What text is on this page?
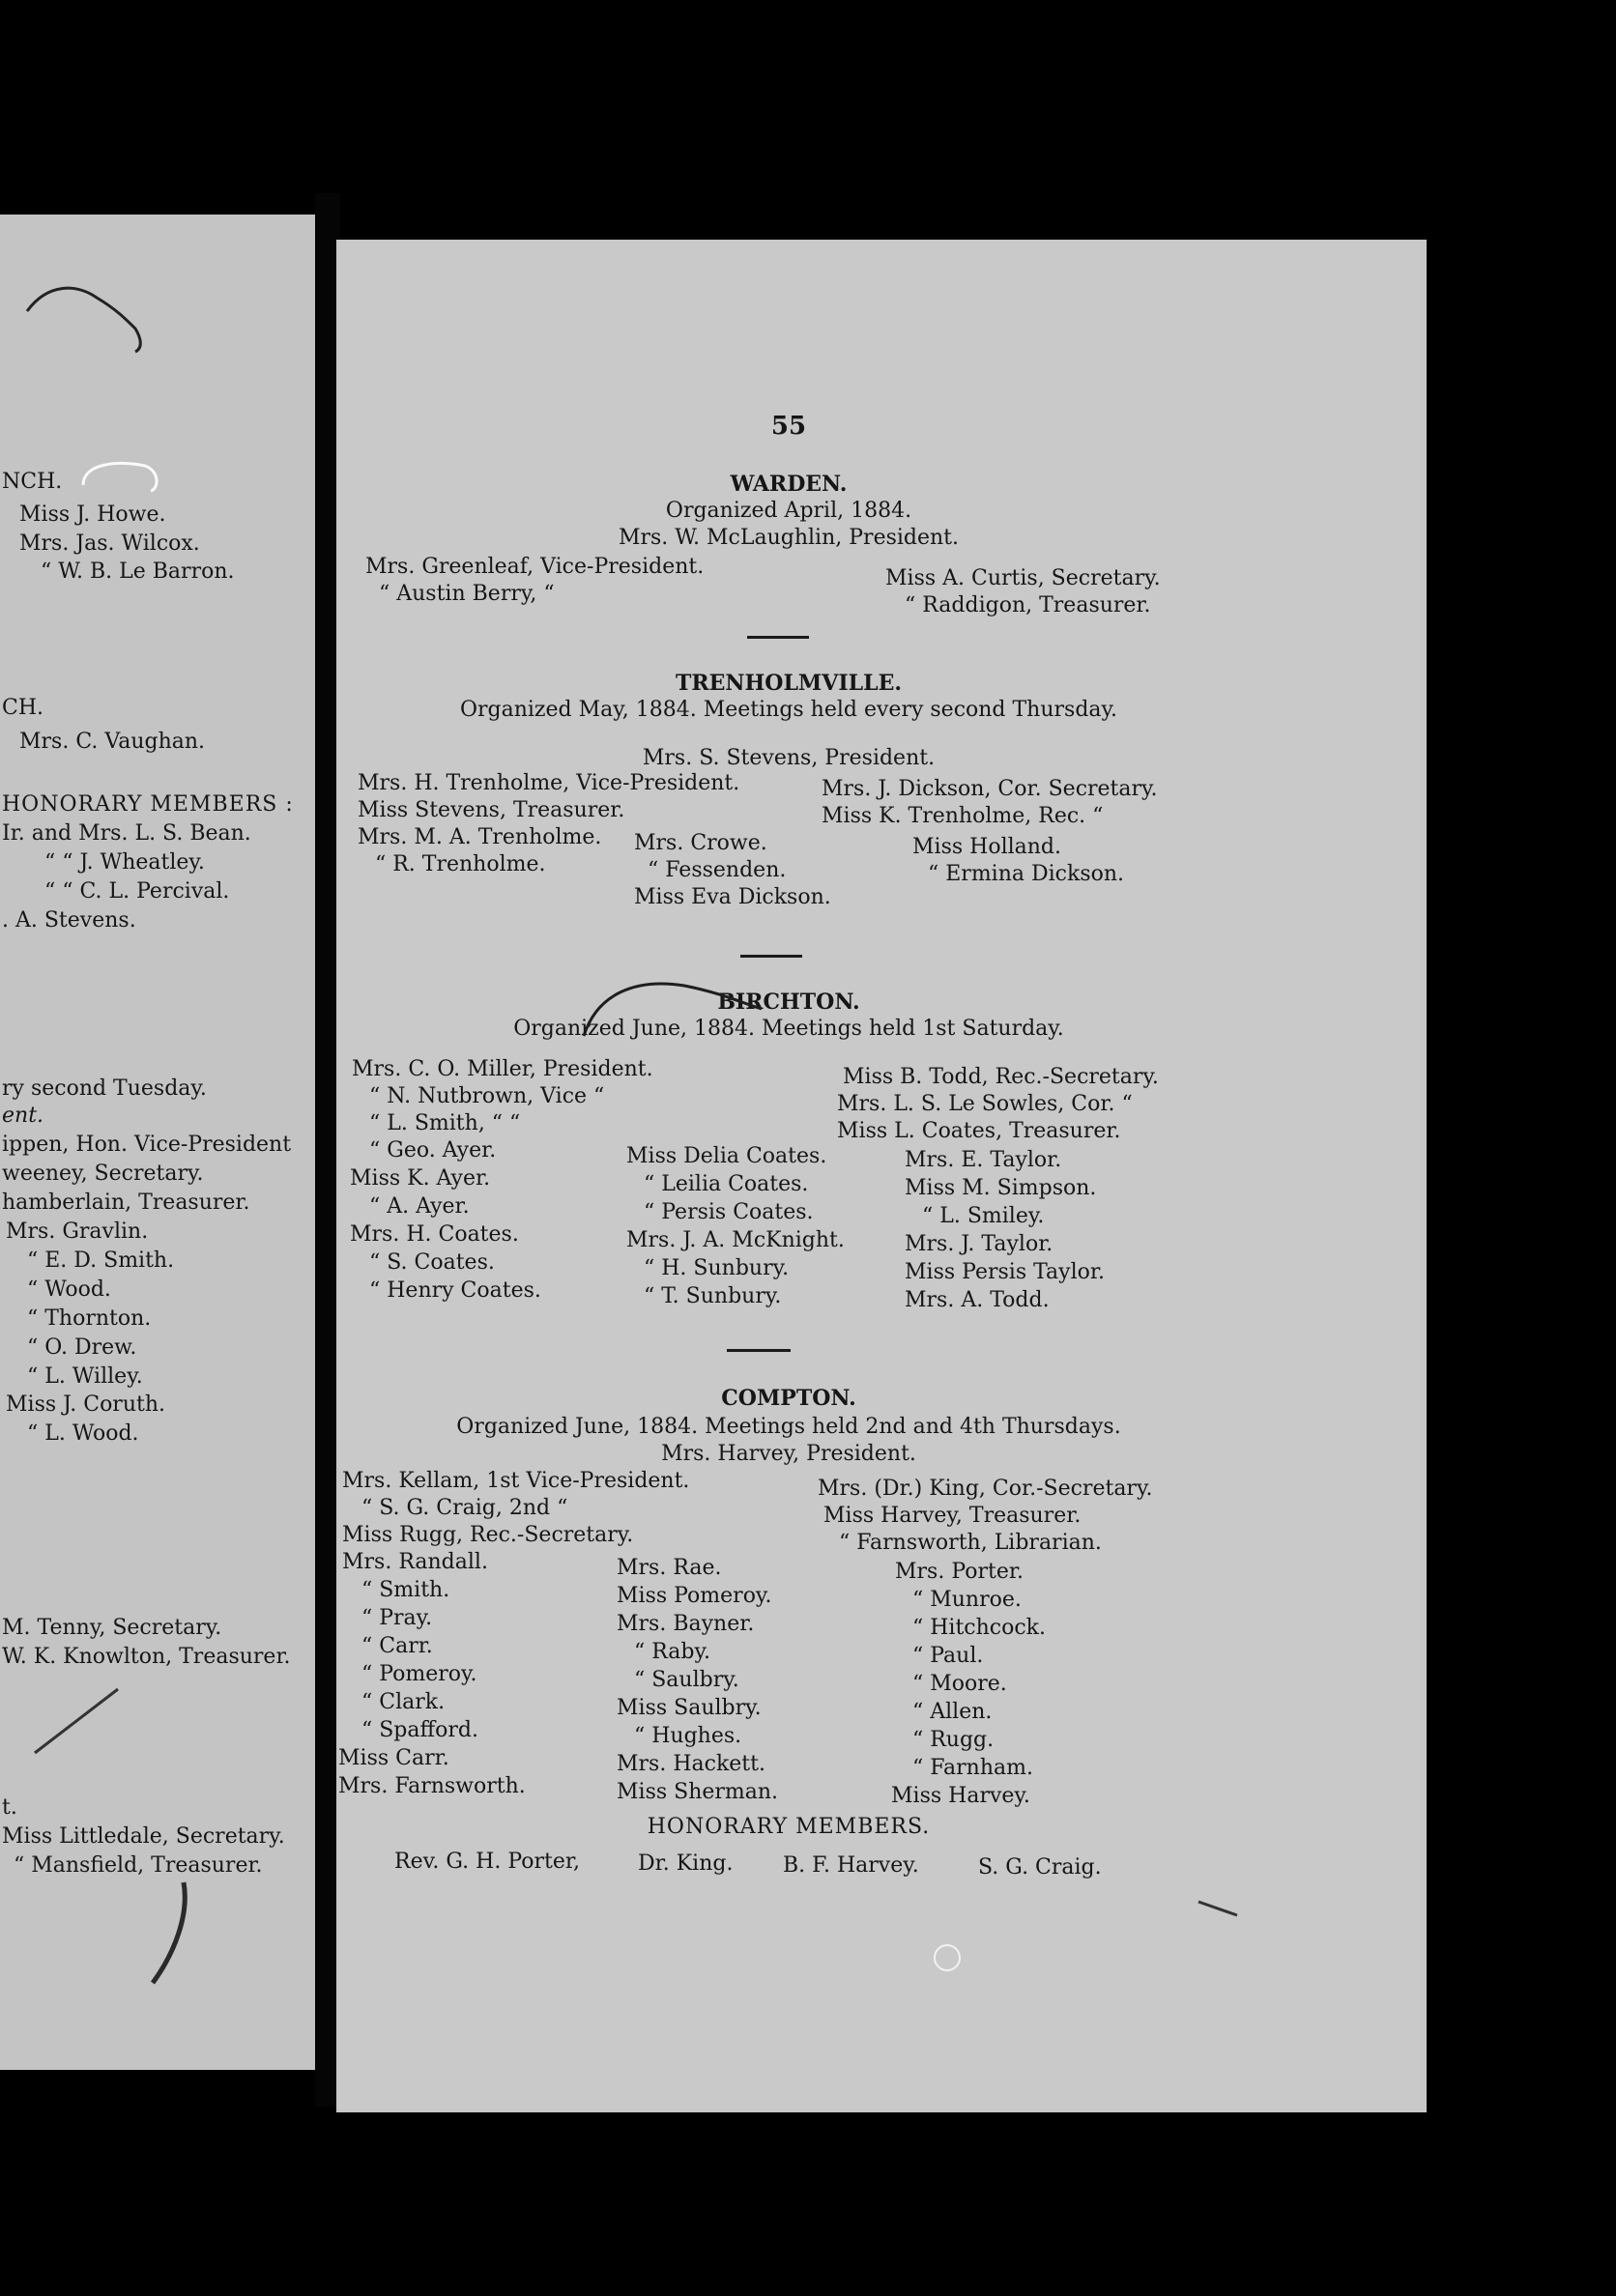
NCH.
Miss J. Howe.
Mrs. Jas. Wilcox.
“ W. B. Le Barron.
CH.
Mrs. C. Vaughan.
HONORARY MEMBERS :
Ir. and Mrs. L. S. Bean.
“ “ J. Wheatley.
“ “ C. L. Percival.
. A. Stevens.
ry second Tuesday.
ent.
ippen, Hon. Vice-President
weeney, Secretary.
hamberlain, Treasurer.
Mrs. Gravlin.
“ E. D. Smith.
“ Wood.
“ Thornton.
“ O. Drew.
“ L. Willey.
Miss J. Coruth.
“ L. Wood.
M. Tenny, Secretary.
W. K. Knowlton, Treasurer.
t.
Miss Littledale, Secretary.
“ Mansfield, Treasurer.
55
WARDEN.
Organized April, 1884.
Mrs. W. McLaughlin, President.
Mrs. Greenleaf, Vice-President.
“ Austin Berry, “
Miss A. Curtis, Secretary.
“ Raddigon, Treasurer.
TRENHOLMVILLE.
Organized May, 1884. Meetings held every second Thursday.
Mrs. S. Stevens, President.
Mrs. H. Trenholme, Vice-President.
Miss Stevens, Treasurer.
Mrs. J. Dickson, Cor. Secretary.
Miss K. Trenholme, Rec. “
Mrs. M. A. Trenholme.
“ R. Trenholme.
Mrs. Crowe.
“ Fessenden.
Miss Eva Dickson.
Miss Holland.
“ Ermina Dickson.
BIRCHTON.
Organized June, 1884. Meetings held 1st Saturday.
Mrs. C. O. Miller, President.
“ N. Nutbrown, Vice “
“ L. Smith, “ “
Miss B. Todd, Rec.-Secretary.
Mrs. L. S. Le Sowles, Cor. “
Miss L. Coates, Treasurer.
“ Geo. Ayer.
Miss K. Ayer.
“ A. Ayer.
Mrs. H. Coates.
“ S. Coates.
“ Henry Coates.
Miss Delia Coates.
“ Leilia Coates.
“ Persis Coates.
Mrs. J. A. McKnight.
“ H. Sunbury.
“ T. Sunbury.
Mrs. E. Taylor.
Miss M. Simpson.
“ L. Smiley.
Mrs. J. Taylor.
Miss Persis Taylor.
Mrs. A. Todd.
COMPTON.
Organized June, 1884. Meetings held 2nd and 4th Thursdays.
Mrs. Harvey, President.
Mrs. Kellam, 1st Vice-President.
“ S. G. Craig, 2nd “
Miss Rugg, Rec.-Secretary.
Mrs. (Dr.) King, Cor.-Secretary.
Miss Harvey, Treasurer.
“ Farnsworth, Librarian.
Mrs. Randall.
“ Smith.
“ Pray.
“ Carr.
“ Pomeroy.
“ Clark.
“ Spafford.
Miss Carr.
Mrs. Farnsworth.
Mrs. Rae.
Miss Pomeroy.
Mrs. Bayner.
“ Raby.
“ Saulbry.
Miss Saulbry.
“ Hughes.
Mrs. Hackett.
Miss Sherman.
Mrs. Porter.
“ Munroe.
“ Hitchcock.
“ Paul.
“ Moore.
“ Allen.
“ Rugg.
“ Farnham.
Miss Harvey.
HONORARY MEMBERS.
Rev. G. H. Porter,	Dr. King. B. F. Harvey.	S. G. Craig.
